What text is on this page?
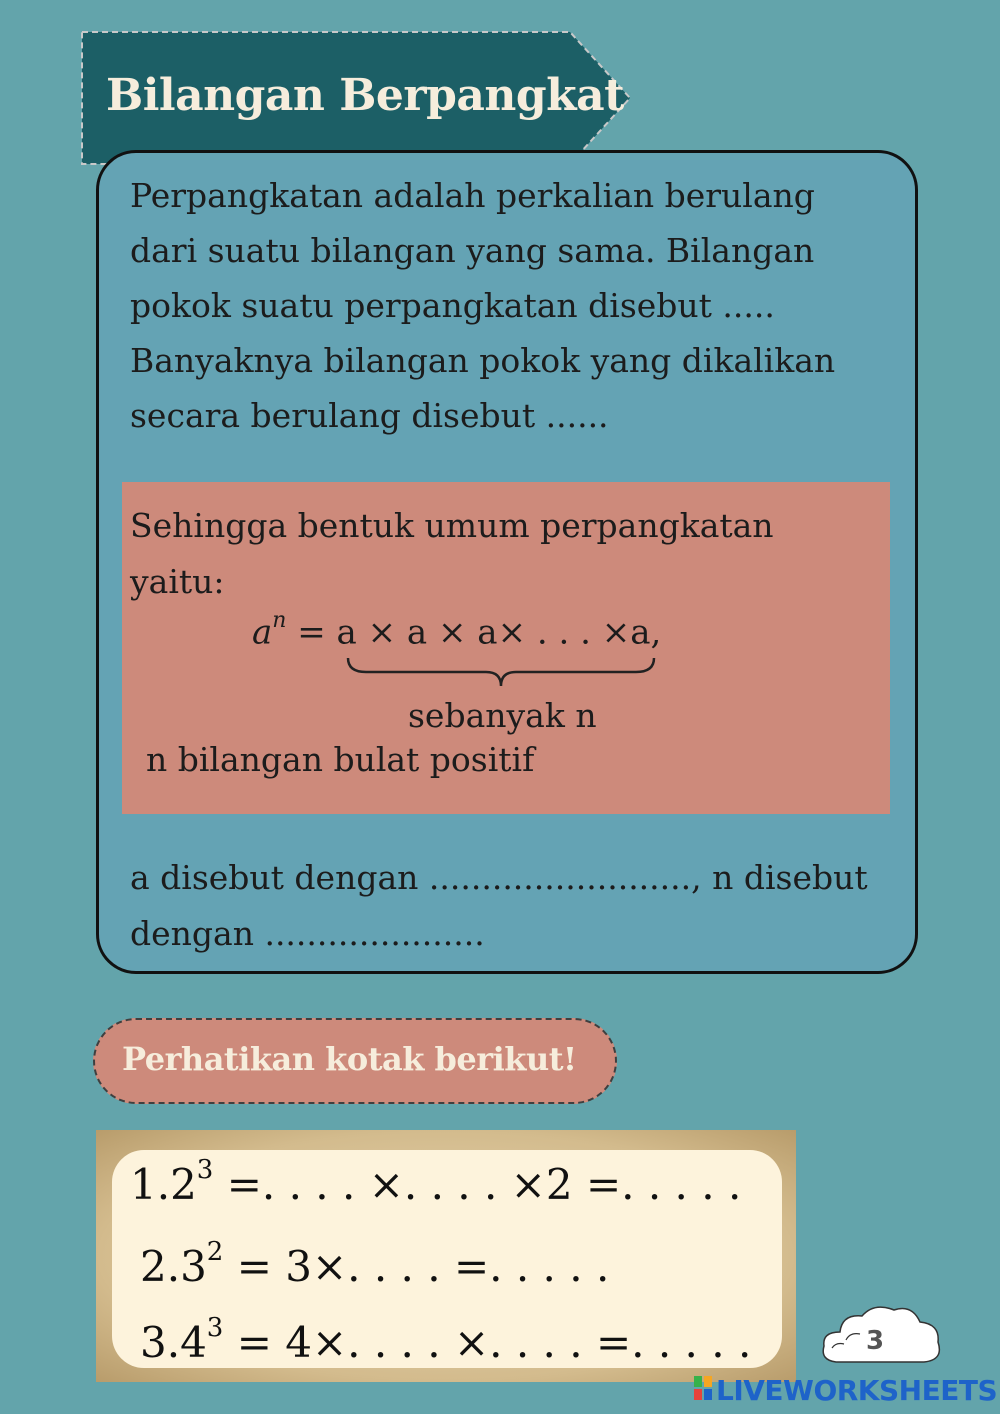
Bilangan Berpangkat
Perpangkatan adalah perkalian berulang dari suatu bilangan yang sama. Bilangan pokok suatu perpangkatan disebut ..... Banyaknya bilangan pokok yang dikalikan secara berulang disebut ......
Sehingga bentuk umum perpangkatan yaitu:
$a^n = a \times a \times a\times$ . . . ×a,
sebanyak n
n bilangan bulat positif
a disebut dengan ........................., n disebut dengan .....................
Perhatikan kotak berikut!
$1.2^3$ =. . . . ×. . . . ×2 =. . . . .
$2.3^2 = 3\times$. . . . =. . . . .
$3.4^3 = 4\times$. . . . ×. . . . =. . . . .	3
LIVEWORKSHEETS
